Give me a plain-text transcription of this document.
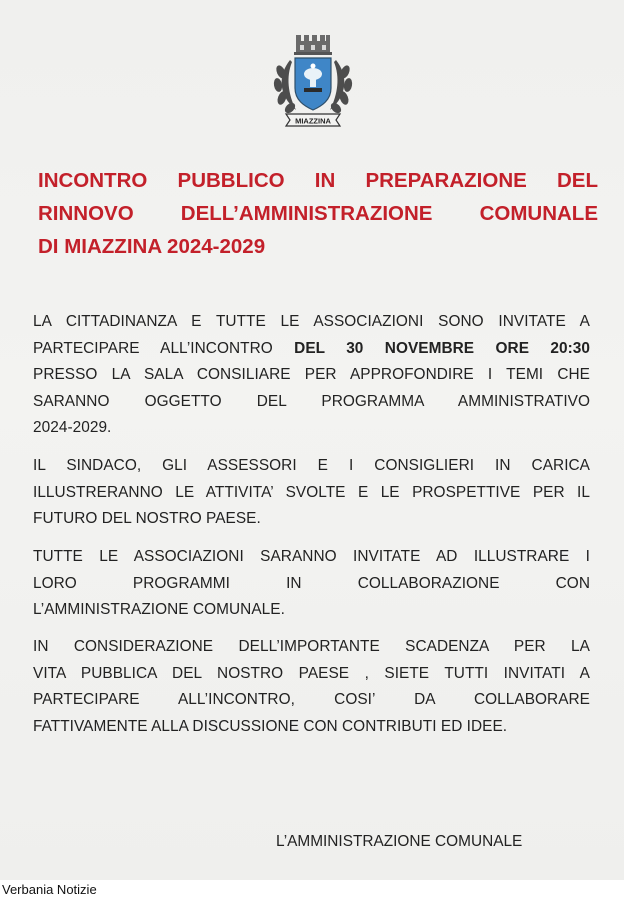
MIAZZINA
INCONTRO PUBBLICO IN PREPARAZIONE DEL
RINNOVO DELL’AMMINISTRAZIONE COMUNALE
DI MIAZZINA 2024-2029
LA CITTADINANZA E TUTTE LE ASSOCIAZIONI SONO INVITATE A
PARTECIPARE ALL’INCONTRO DEL 30 NOVEMBRE ORE 20:30
PRESSO LA SALA CONSILIARE PER APPROFONDIRE I TEMI CHE
SARANNO OGGETTO DEL PROGRAMMA AMMINISTRATIVO
2024-2029.
IL SINDACO, GLI ASSESSORI E I CONSIGLIERI IN CARICA
ILLUSTRERANNO LE ATTIVITA’ SVOLTE E LE PROSPETTIVE PER IL
FUTURO DEL NOSTRO PAESE.
TUTTE LE ASSOCIAZIONI SARANNO INVITATE AD ILLUSTRARE I
LORO PROGRAMMI IN COLLABORAZIONE CON
L’AMMINISTRAZIONE COMUNALE.
IN CONSIDERAZIONE DELL’IMPORTANTE SCADENZA PER LA
VITA PUBBLICA DEL NOSTRO PAESE , SIETE TUTTI INVITATI A
PARTECIPARE ALL’INCONTRO, COSI’ DA COLLABORARE
FATTIVAMENTE ALLA DISCUSSIONE CON CONTRIBUTI ED IDEE.
L’AMMINISTRAZIONE COMUNALE
Verbania Notizie
